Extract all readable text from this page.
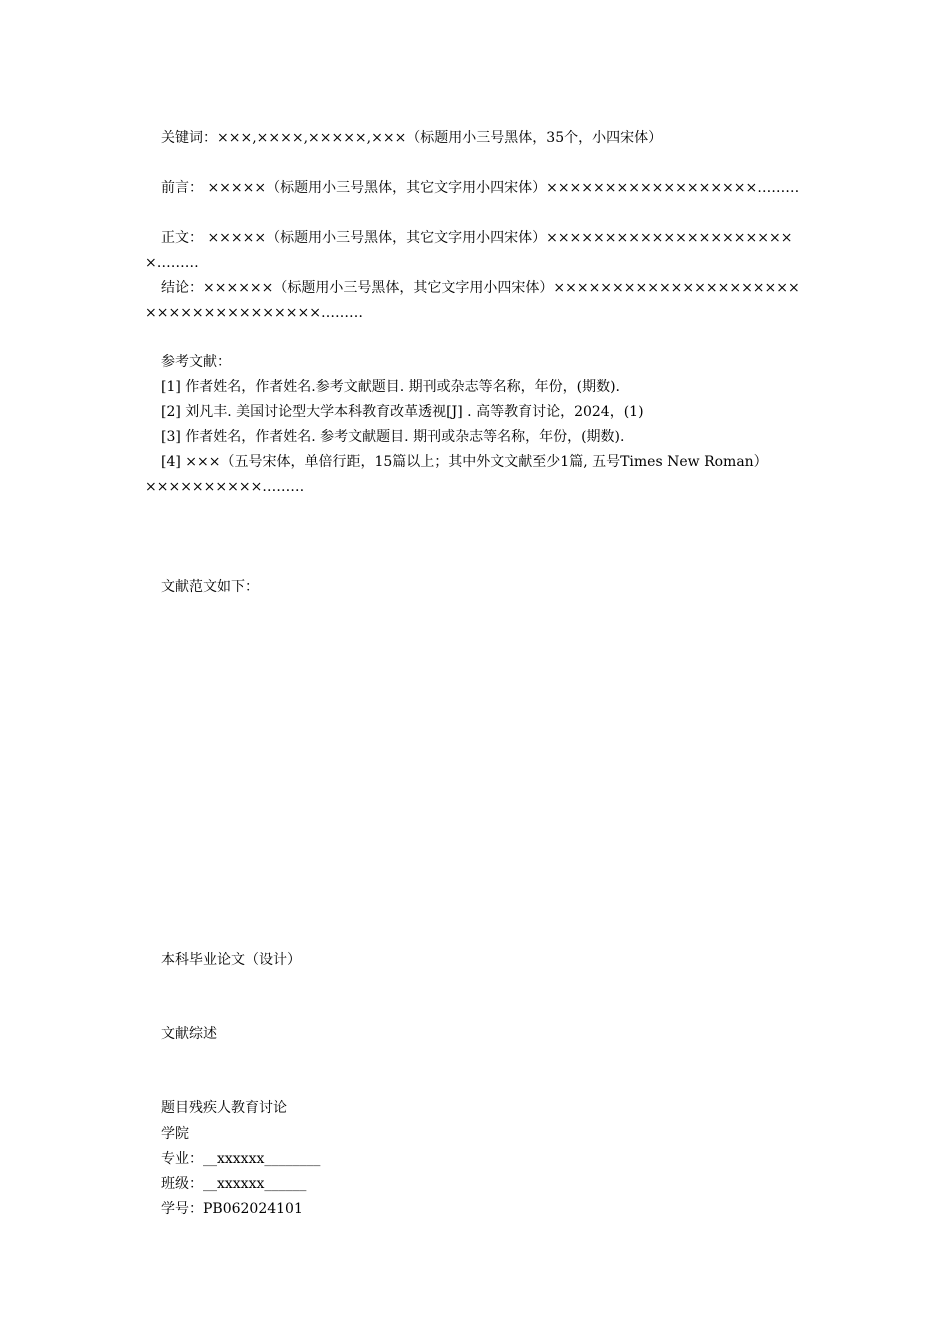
关键词：×××,××××,×××××,×××（标题用小三号黑体，35个，小四宋体）
前言： ×××××（标题用小三号黑体，其它文字用小四宋体）××××××××××××××××××………
正文： ×××××（标题用小三号黑体，其它文字用小四宋体）××××××××××××××××××××××………
结论：××××××（标题用小三号黑体，其它文字用小四宋体）××××××××××××××××××××××××××××××××××××………
参考文献：
[1] 作者姓名，作者姓名.参考文献题目. 期刊或杂志等名称，年份，(期数).
[2] 刘凡丰. 美国讨论型大学本科教育改革透视[J] . 高等教育讨论，2024，(1)
[3] 作者姓名，作者姓名. 参考文献题目. 期刊或杂志等名称，年份，(期数).
[4] ×××（五号宋体，单倍行距，15篇以上；其中外文文献至少1篇, 五号Times New Roman）××××××××××………
文献范文如下：
本科毕业论文（设计）
文献综述
题目残疾人教育讨论
学院
专业：__xxxxxx________
班级：__xxxxxx______
学号：PB062024101
